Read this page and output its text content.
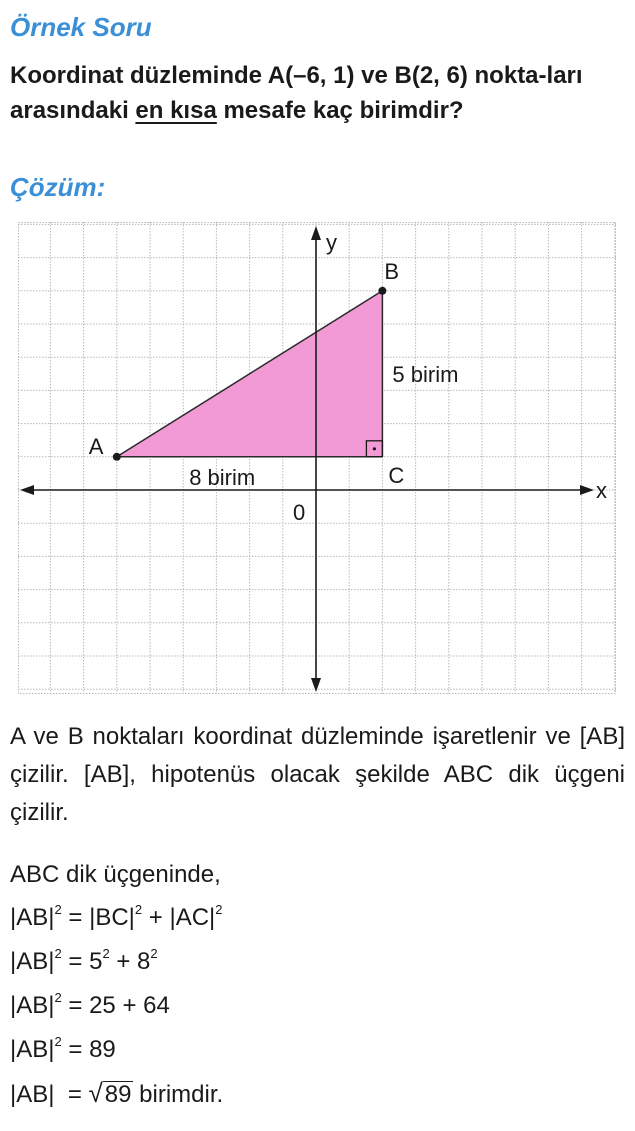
Örnek Soru

Koordinat düzleminde A(–6, 1) ve B(2, 6) nokta-ları arasındaki en kısa mesafe kaç birimdir?

Çözüm:
A
B
C
x
y
0
8 birim
5 birim

A ve B noktaları koordinat düzleminde işaretlenir ve [AB] çizilir. [AB], hipotenüs olacak şekilde ABC dik üçgeni çizilir.

ABC dik üçgeninde,

$|AB|^2 = |BC|^2 + |AC|^2$

$|AB|^2 = 5^2 + 8^2$

$|AB|^2 = 25 + 64$

$|AB|^2 = 89$

|AB|  = √89 birimdir.
